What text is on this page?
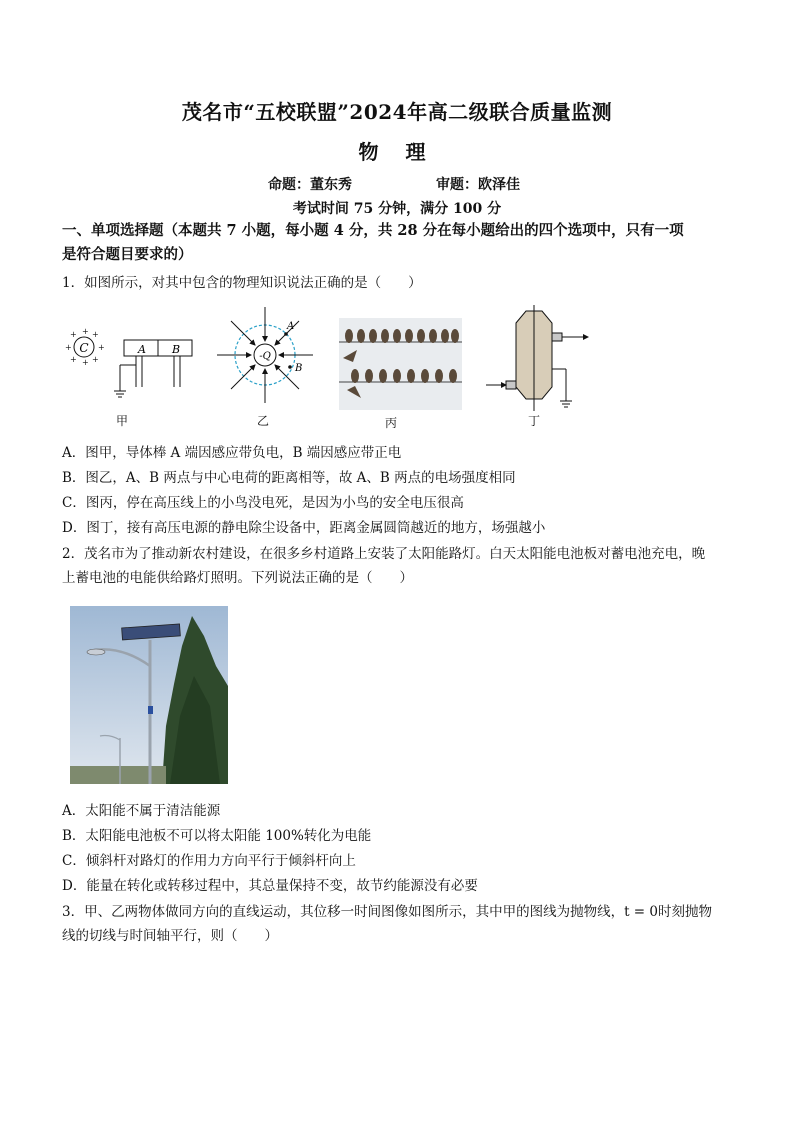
茂名市“五校联盟”2024年高二级联合质量监测
物 理
命题：董东秀	审题：欧泽佳
考试时间 75 分钟，满分 100 分
一、单项选择题（本题共 7 小题，每小题 4 分，共 28 分在每小题给出的四个选项中，只有一项
是符合题目要求的）
1．如图所示，对其中包含的物理知识说法正确的是（　　）
C
+ +
+
+
+
+
+
+
A B
甲
-Q
A
B
乙	丙	丁
A．图甲，导体棒 A 端因感应带负电，B 端因感应带正电
B．图乙，A、B 两点与中心电荷的距离相等，故 A、B 两点的电场强度相同
C．图丙，停在高压线上的小鸟没电死，是因为小鸟的安全电压很高
D．图丁，接有高压电源的静电除尘设备中，距离金属圆筒越近的地方，场强越小
2．茂名市为了推动新农村建设，在很多乡村道路上安装了太阳能路灯。白天太阳能电池板对蓄电池充电，晚
上蓄电池的电能供给路灯照明。下列说法正确的是（　　）
A．太阳能不属于清洁能源
B．太阳能电池板不可以将太阳能 100%转化为电能
C．倾斜杆对路灯的作用力方向平行于倾斜杆向上
D．能量在转化或转移过程中，其总量保持不变，故节约能源没有必要
3．甲、乙两物体做同方向的直线运动，其位移一时间图像如图所示，其中甲的图线为抛物线，t = 0时刻抛物
线的切线与时间轴平行，则（　　）
